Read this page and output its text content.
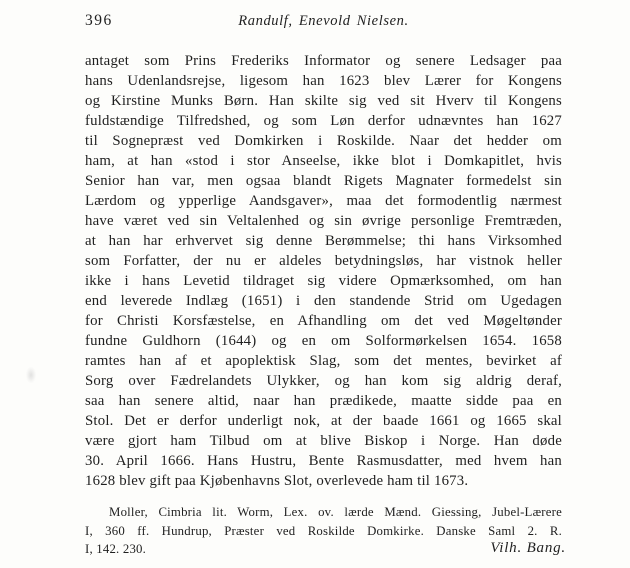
396	Randulf, Enevold Nielsen.
antaget som Prins Frederiks Informator og senere Ledsager paa
hans Udenlandsrejse, ligesom han 1623 blev Lærer for Kongens
og Kirstine Munks Børn. Han skilte sig ved sit Hverv til Kongens
fuldstændige Tilfredshed, og som Løn derfor udnævntes han 1627
til Sognepræst ved Domkirken i Roskilde. Naar det hedder om
ham, at han «stod i stor Anseelse, ikke blot i Domkapitlet, hvis
Senior han var, men ogsaa blandt Rigets Magnater formedelst sin
Lærdom og ypperlige Aandsgaver», maa det formodentlig nærmest
have været ved sin Veltalenhed og sin øvrige personlige Fremtræden,
at han har erhvervet sig denne Berømmelse; thi hans Virksomhed
som Forfatter, der nu er aldeles betydningsløs, har vistnok heller
ikke i hans Levetid tildraget sig videre Opmærksomhed, om han
end leverede Indlæg (1651) i den standende Strid om Ugedagen
for Christi Korsfæstelse, en Afhandling om det ved Møgeltønder
fundne Guldhorn (1644) og en om Solformørkelsen 1654. 1658
ramtes han af et apoplektisk Slag, som det mentes, bevirket af
Sorg over Fædrelandets Ulykker, og han kom sig aldrig deraf,
saa han senere altid, naar han prædikede, maatte sidde paa en
Stol. Det er derfor underligt nok, at der baade 1661 og 1665 skal
være gjort ham Tilbud om at blive Biskop i Norge. Han døde
30. April 1666. Hans Hustru, Bente Rasmusdatter, med hvem han
1628 blev gift paa Kjøbenhavns Slot, overlevede ham til 1673.
Moller, Cimbria lit. Worm, Lex. ov. lærde Mænd. Giessing, Jubel-Lærere
I, 360 ff. Hundrup, Præster ved Roskilde Domkirke. Danske Saml 2. R.
I, 142. 230.	Vilh. Bang.
